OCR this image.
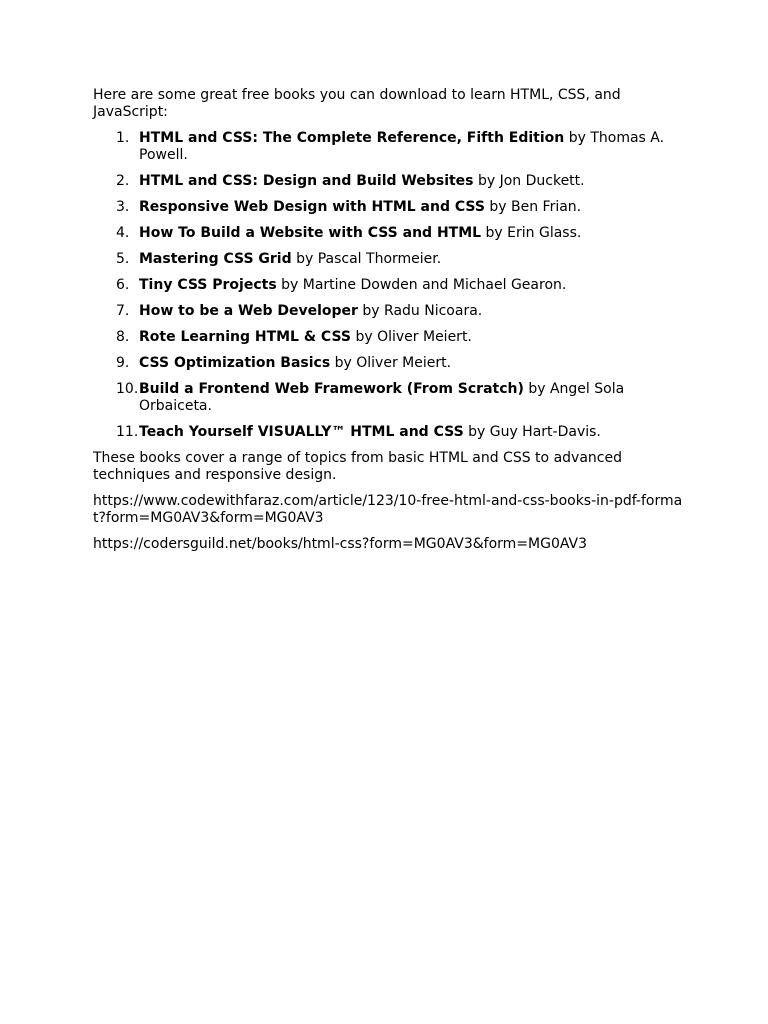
Here are some great free books you can download to learn HTML, CSS, and JavaScript:

1. HTML and CSS: The Complete Reference, Fifth Edition by Thomas A. Powell.
2. HTML and CSS: Design and Build Websites by Jon Duckett.
3. Responsive Web Design with HTML and CSS by Ben Frian.
4. How To Build a Website with CSS and HTML by Erin Glass.
5. Mastering CSS Grid by Pascal Thormeier.
6. Tiny CSS Projects by Martine Dowden and Michael Gearon.
7. How to be a Web Developer by Radu Nicoara.
8. Rote Learning HTML & CSS by Oliver Meiert.
9. CSS Optimization Basics by Oliver Meiert.
10. Build a Frontend Web Framework (From Scratch) by Angel Sola Orbaiceta.
11. Teach Yourself VISUALLY™ HTML and CSS by Guy Hart-Davis.

These books cover a range of topics from basic HTML and CSS to advanced techniques and responsive design.

https://www.codewithfaraz.com/article/123/10-free-html-and-css-books-in-pdf-format?form=MG0AV3&form=MG0AV3

https://codersguild.net/books/html-css?form=MG0AV3&form=MG0AV3
